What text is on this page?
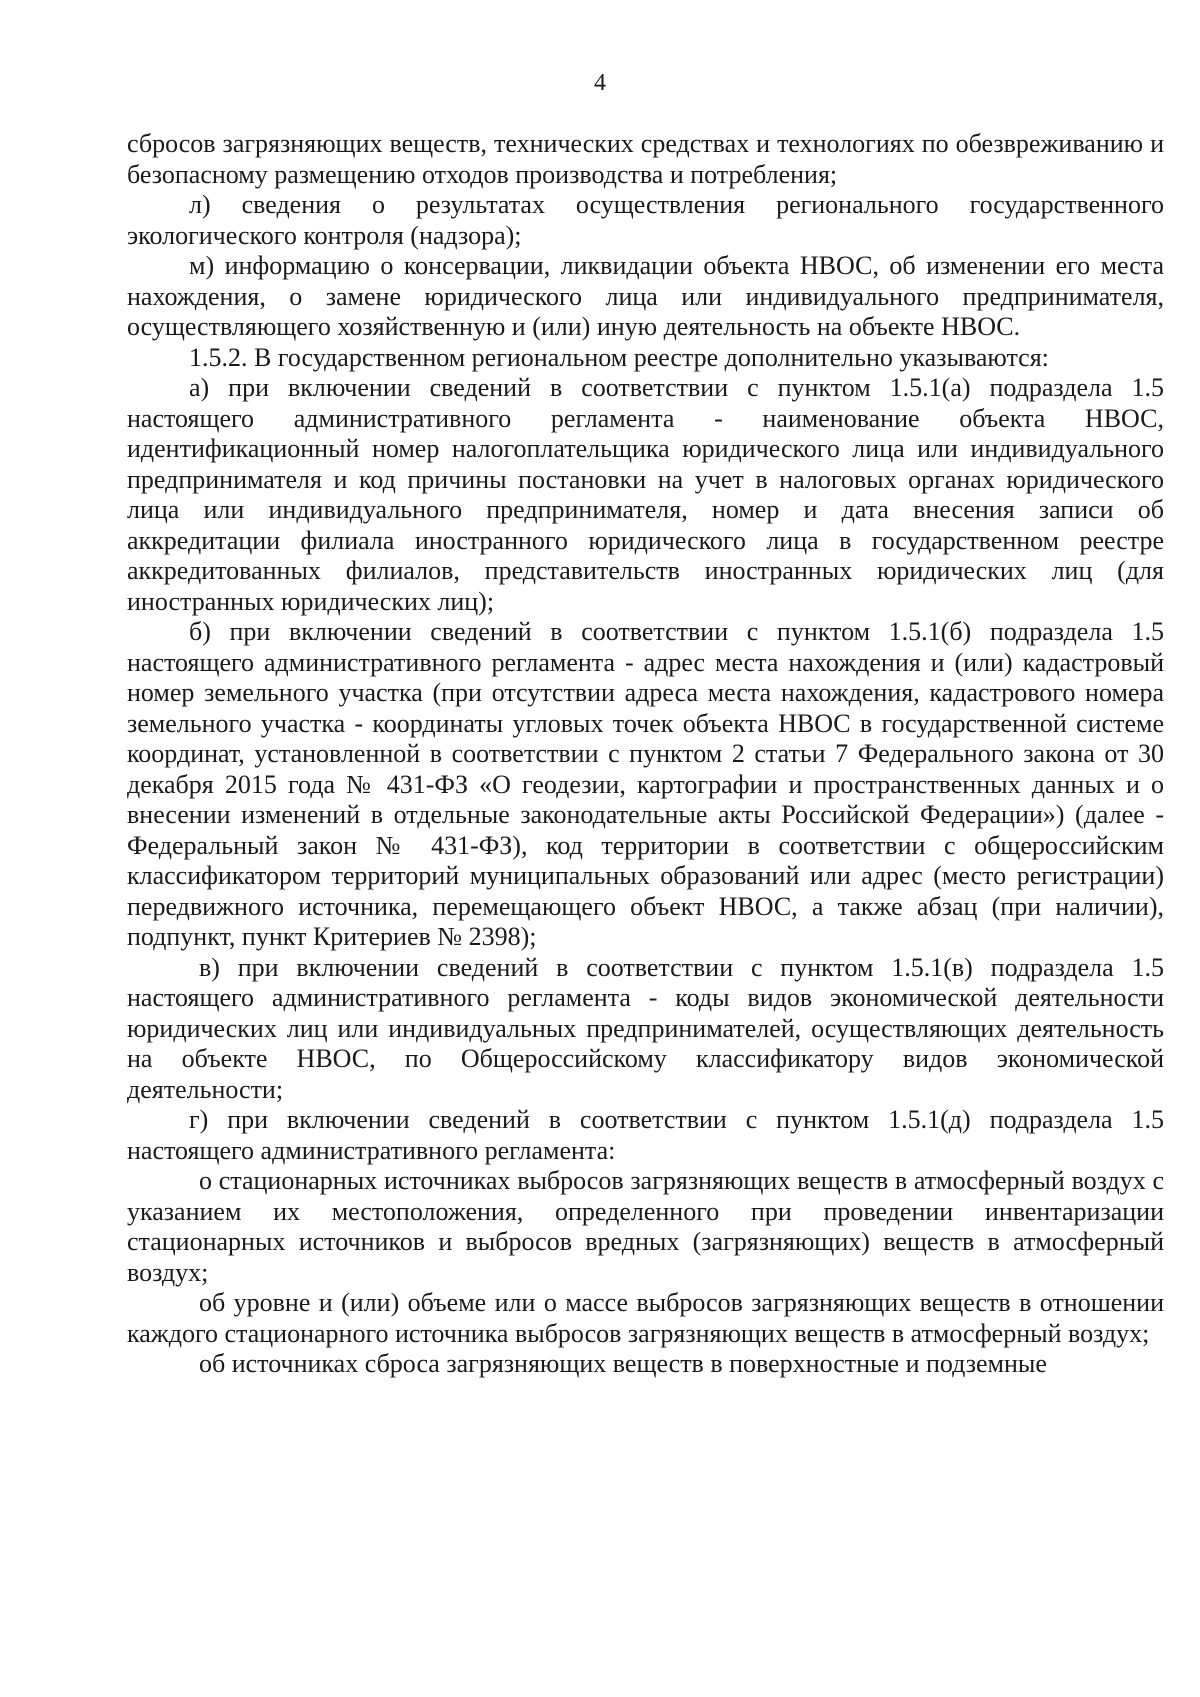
4

сбросов загрязняющих веществ, технических средствах и технологиях по обезвреживанию и безопасному размещению отходов производства и потребления;

л) сведения о результатах осуществления регионального государственного экологического контроля (надзора);

м) информацию о консервации, ликвидации объекта НВОС, об изменении его места нахождения, о замене юридического лица или индивидуального предпринимателя, осуществляющего хозяйственную и (или) иную деятельность на объекте НВОС.

1.5.2. В государственном региональном реестре дополнительно указываются:

а) при включении сведений в соответствии с пунктом 1.5.1(а) подраздела 1.5 настоящего административного регламента - наименование объекта НВОС, идентификационный номер налогоплательщика юридического лица или индивидуального предпринимателя и код причины постановки на учет в налоговых органах юридического лица или индивидуального предпринимателя, номер и дата внесения записи об аккредитации филиала иностранного юридического лица в государственном реестре аккредитованных филиалов, представительств иностранных юридических лиц (для иностранных юридических лиц);

б) при включении сведений в соответствии с пунктом 1.5.1(б) подраздела 1.5 настоящего административного регламента - адрес места нахождения и (или) кадастровый номер земельного участка (при отсутствии адреса места нахождения, кадастрового номера земельного участка - координаты угловых точек объекта НВОС в государственной системе координат, установленной в соответствии с пунктом 2 статьи 7 Федерального закона от 30 декабря 2015 года № 431-ФЗ «О геодезии, картографии и пространственных данных и о внесении изменений в отдельные законодательные акты Российской Федерации») (далее - Федеральный закон № 431-ФЗ), код территории в соответствии с общероссийским классификатором территорий муниципальных образований или адрес (место регистрации) передвижного источника, перемещающего объект НВОС, а также абзац (при наличии), подпункт, пункт Критериев № 2398);

в) при включении сведений в соответствии с пунктом 1.5.1(в) подраздела 1.5 настоящего административного регламента - коды видов экономической деятельности юридических лиц или индивидуальных предпринимателей, осуществляющих деятельность на объекте НВОС, по Общероссийскому классификатору видов экономической деятельности;

г) при включении сведений в соответствии с пунктом 1.5.1(д) подраздела 1.5 настоящего административного регламента:

о стационарных источниках выбросов загрязняющих веществ в атмосферный воздух с указанием их местоположения, определенного при проведении инвентаризации стационарных источников и выбросов вредных (загрязняющих) веществ в атмосферный воздух;

об уровне и (или) объеме или о массе выбросов загрязняющих веществ в отношении каждого стационарного источника выбросов загрязняющих веществ в атмосферный воздух;

об источниках сброса загрязняющих веществ в поверхностные и подземные
